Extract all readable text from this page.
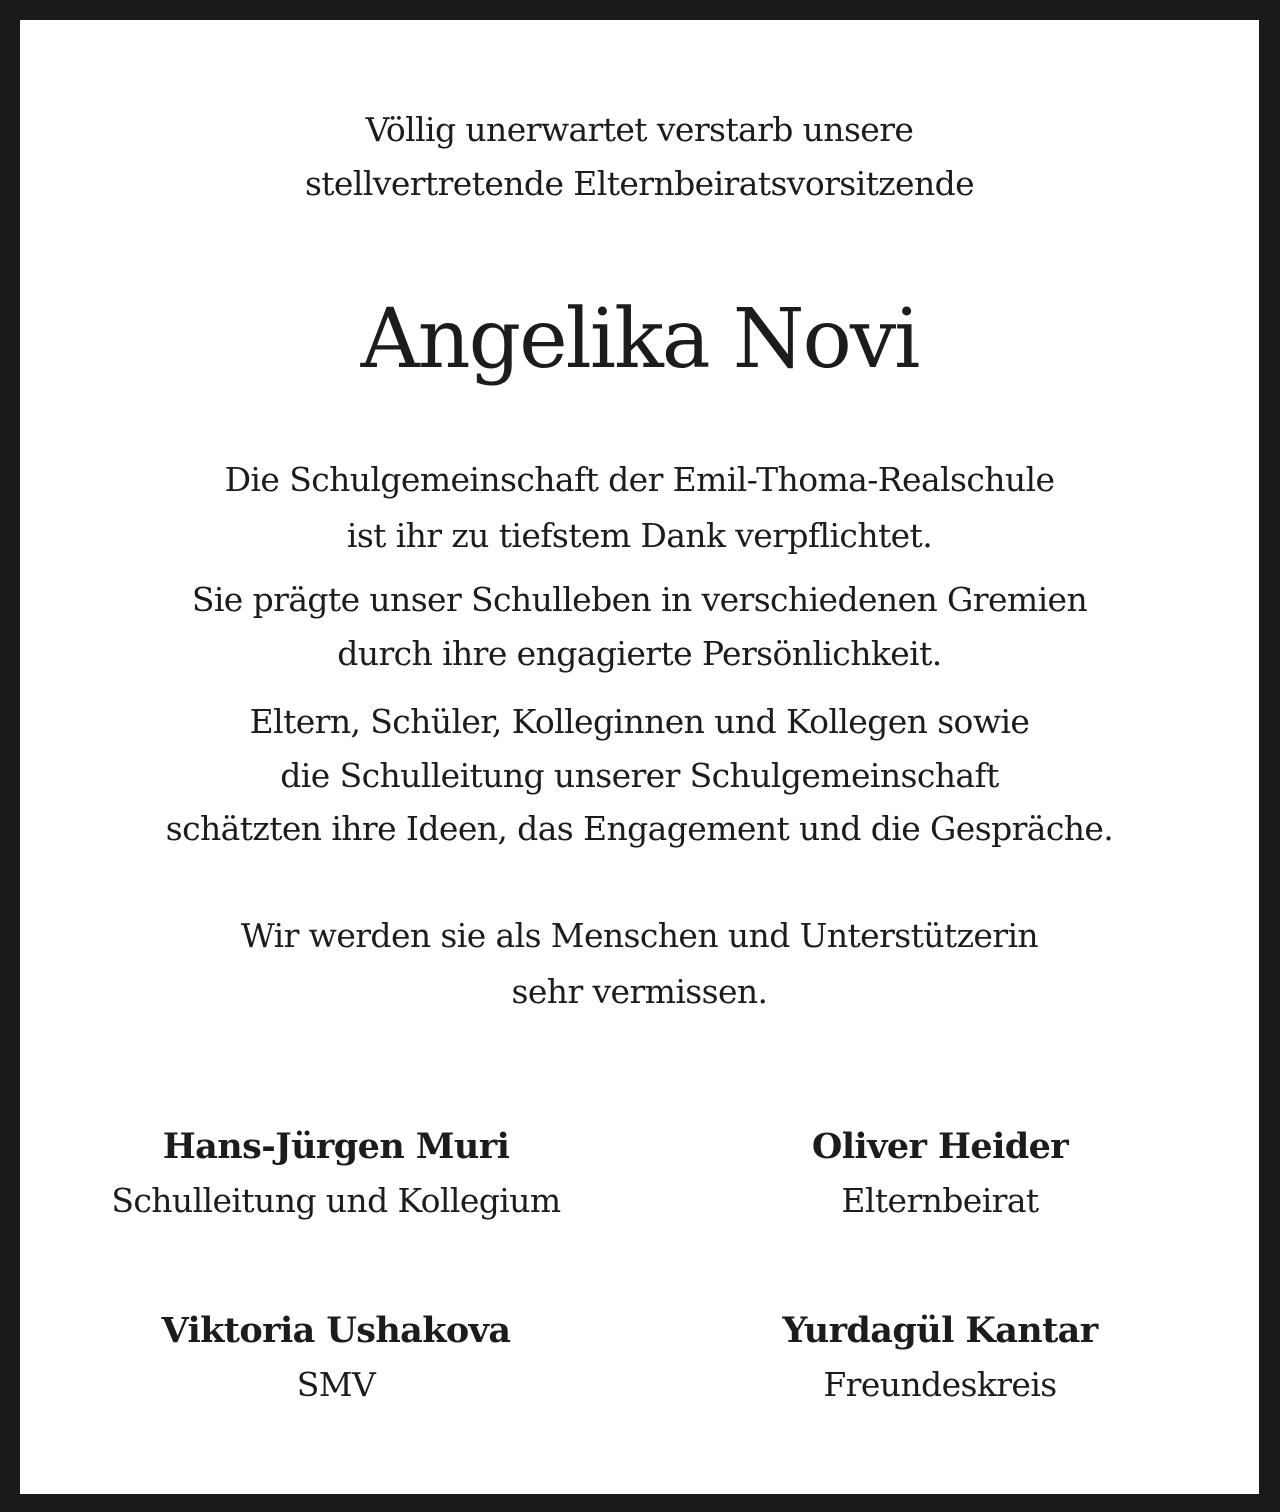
Völlig unerwartet verstarb unsere
stellvertretende Elternbeiratsvorsitzende
Angelika Novi
Die Schulgemeinschaft der Emil-Thoma-Realschule
ist ihr zu tiefstem Dank verpflichtet.
Sie prägte unser Schulleben in verschiedenen Gremien
durch ihre engagierte Persönlichkeit.
Eltern, Schüler, Kolleginnen und Kollegen sowie
die Schulleitung unserer Schulgemeinschaft
schätzten ihre Ideen, das Engagement und die Gespräche.
Wir werden sie als Menschen und Unterstützerin
sehr vermissen.
Hans-Jürgen Muri
Schulleitung und Kollegium
Oliver Heider
Elternbeirat
Viktoria Ushakova
SMV
Yurdagül Kantar
Freundeskreis
